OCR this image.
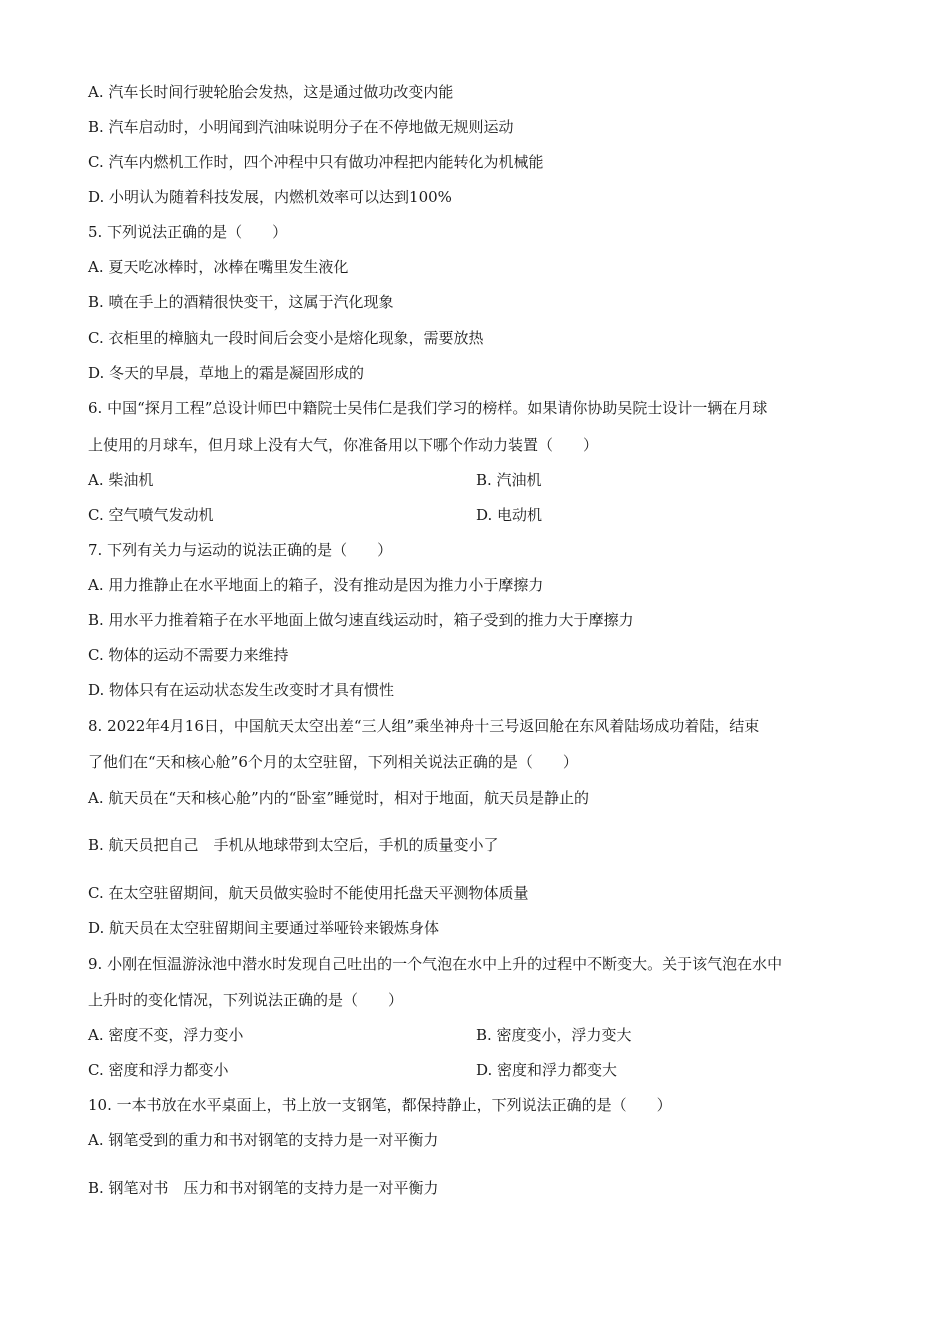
A. 汽车长时间行驶轮胎会发热，这是通过做功改变内能
B. 汽车启动时，小明闻到汽油味说明分子在不停地做无规则运动
C. 汽车内燃机工作时，四个冲程中只有做功冲程把内能转化为机械能
D. 小明认为随着科技发展，内燃机效率可以达到100%
5. 下列说法正确的是（　　）
A. 夏天吃冰棒时，冰棒在嘴里发生液化
B. 喷在手上的酒精很快变干，这属于汽化现象
C. 衣柜里的樟脑丸一段时间后会变小是熔化现象，需要放热
D. 冬天的早晨，草地上的霜是凝固形成的
6. 中国“探月工程”总设计师巴中籍院士吴伟仁是我们学习的榜样。如果请你协助吴院士设计一辆在月球
上使用的月球车，但月球上没有大气，你准备用以下哪个作动力装置（　　）
A. 柴油机	B. 汽油机
C. 空气喷气发动机	D. 电动机
7. 下列有关力与运动的说法正确的是（　　）
A. 用力推静止在水平地面上的箱子，没有推动是因为推力小于摩擦力
B. 用水平力推着箱子在水平地面上做匀速直线运动时，箱子受到的推力大于摩擦力
C. 物体的运动不需要力来维持
D. 物体只有在运动状态发生改变时才具有惯性
8. 2022年4月16日，中国航天太空出差“三人组”乘坐神舟十三号返回舱在东风着陆场成功着陆，结束
了他们在“天和核心舱”6个月的太空驻留，下列相关说法正确的是（　　）
A. 航天员在“天和核心舱”内的“卧室”睡觉时，相对于地面，航天员是静止的
B. 航天员把自己　手机从地球带到太空后，手机的质量变小了
C. 在太空驻留期间，航天员做实验时不能使用托盘天平测物体质量
D. 航天员在太空驻留期间主要通过举哑铃来锻炼身体
9. 小刚在恒温游泳池中潜水时发现自己吐出的一个气泡在水中上升的过程中不断变大。关于该气泡在水中
上升时的变化情况，下列说法正确的是（　　）
A. 密度不变，浮力变小	B. 密度变小，浮力变大
C. 密度和浮力都变小	D. 密度和浮力都变大
10. 一本书放在水平桌面上，书上放一支钢笔，都保持静止，下列说法正确的是（　　）
A. 钢笔受到的重力和书对钢笔的支持力是一对平衡力
B. 钢笔对书　压力和书对钢笔的支持力是一对平衡力
